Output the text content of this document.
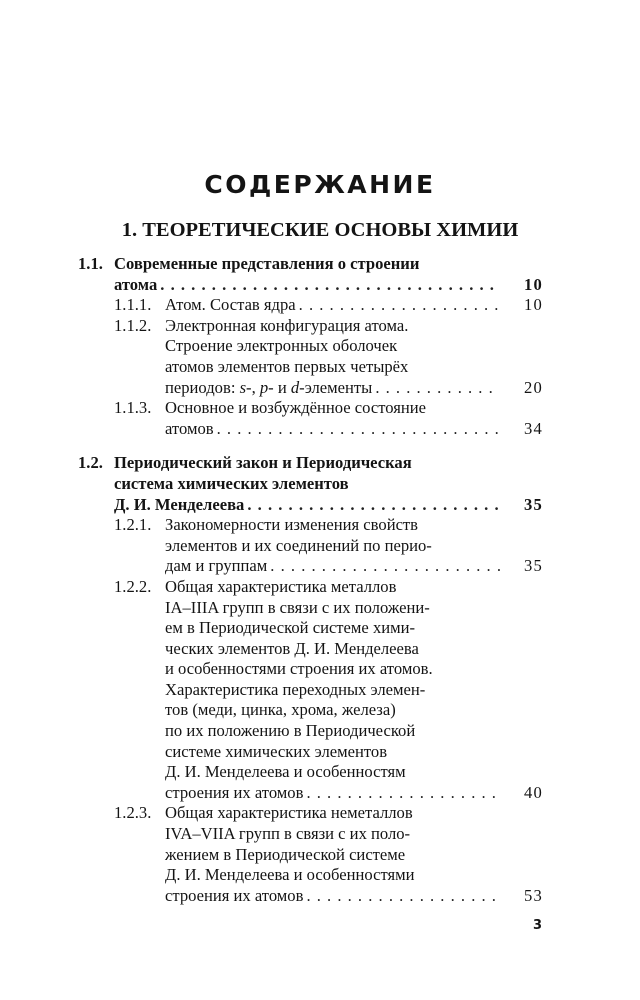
СОДЕРЖАНИЕ
1. ТЕОРЕТИЧЕСКИЕ ОСНОВЫ ХИМИИ
1.1. Современные представления о строении
атома . . .	10
1.1.1. Атом. Состав ядра . . .	10
1.1.2. Электронная конфигурация атома.
Строение электронных оболочек
атомов элементов первых четырёх
периодов: s-, p- и d-элементы . . .	20
1.1.3. Основное и возбуждённое состояние
атомов . . .	34
1.2. Периодический закон и Периодическая
система химических элементов
Д. И. Менделеева . . .	35
1.2.1. Закономерности изменения свойств
элементов и их соединений по перио-
дам и группам . . .	35
1.2.2. Общая характеристика металлов
IA–IIIA групп в связи с их положени-
ем в Периодической системе хими-
ческих элементов Д. И. Менделеева
и особенностями строения их атомов.
Характеристика переходных элемен-
тов (меди, цинка, хрома, железа)
по их положению в Периодической
системе химических элементов
Д. И. Менделеева и особенностям
строения их атомов . . .	40
1.2.3. Общая характеристика неметаллов
IVA–VIIA групп в связи с их поло-
жением в Периодической системе
Д. И. Менделеева и особенностями
строения их атомов . . .	53
3
